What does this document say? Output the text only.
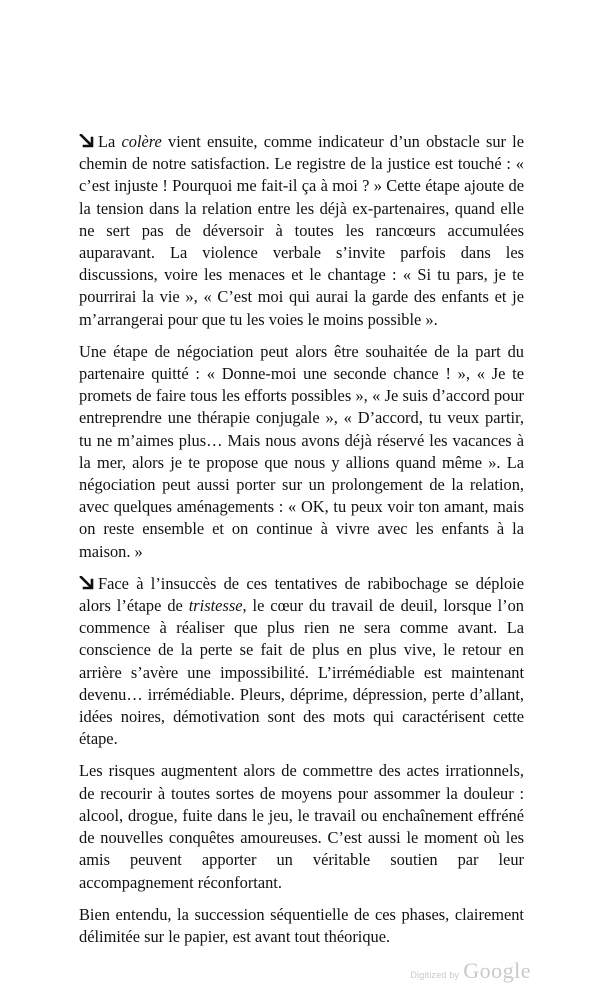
La colère vient ensuite, comme indicateur d’un obstacle sur le chemin de notre satisfaction. Le registre de la justice est touché : « c’est injuste ! Pourquoi me fait-il ça à moi ? » Cette étape ajoute de la tension dans la relation entre les déjà ex-partenaires, quand elle ne sert pas de déversoir à toutes les rancœurs accumulées auparavant. La violence verbale s’invite parfois dans les discussions, voire les menaces et le chantage : « Si tu pars, je te pourrirai la vie », « C’est moi qui aurai la garde des enfants et je m’arrangerai pour que tu les voies le moins possible ».

Une étape de négociation peut alors être souhaitée de la part du partenaire quitté : « Donne-moi une seconde chance ! », « Je te promets de faire tous les efforts possibles », « Je suis d’accord pour entreprendre une thérapie conjugale », « D’accord, tu veux partir, tu ne m’aimes plus… Mais nous avons déjà réservé les vacances à la mer, alors je te propose que nous y allions quand même ». La négociation peut aussi porter sur un prolongement de la relation, avec quelques aménagements : « OK, tu peux voir ton amant, mais on reste ensemble et on continue à vivre avec les enfants à la maison. »

Face à l’insuccès de ces tentatives de rabibochage se déploie alors l’étape de tristesse, le cœur du travail de deuil, lorsque l’on commence à réaliser que plus rien ne sera comme avant. La conscience de la perte se fait de plus en plus vive, le retour en arrière s’avère une impossibilité. L’irrémédiable est maintenant devenu… irrémédiable. Pleurs, déprime, dépression, perte d’allant, idées noires, démotivation sont des mots qui caractérisent cette étape.

Les risques augmentent alors de commettre des actes irrationnels, de recourir à toutes sortes de moyens pour assommer la douleur : alcool, drogue, fuite dans le jeu, le travail ou enchaînement effréné de nouvelles conquêtes amoureuses. C’est aussi le moment où les amis peuvent apporter un véritable soutien par leur accompagnement réconfortant.

Bien entendu, la succession séquentielle de ces phases, clairement délimitée sur le papier, est avant tout théorique.

Digitized by Google
